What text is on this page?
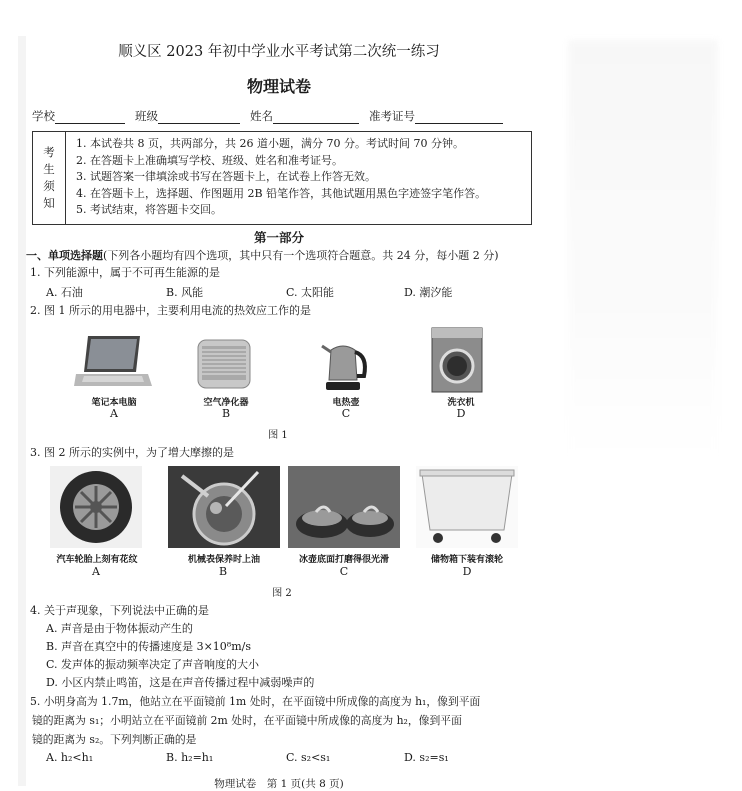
顺义区 2023 年初中学业水平考试第二次统一练习
物理试卷
学校	班级	姓名	准考证号
考
生
须
知
1. 本试卷共 8 页，共两部分，共 26 道小题，满分 70 分。考试时间 70 分钟。
2. 在答题卡上准确填写学校、班级、姓名和准考证号。
3. 试题答案一律填涂或书写在答题卡上，在试卷上作答无效。
4. 在答题卡上，选择题、作图题用 2B 铅笔作答，其他试题用黑色字迹签字笔作答。
5. 考试结束，将答题卡交回。
第一部分
一、单项选择题(下列各小题均有四个选项，其中只有一个选项符合题意。共 24 分，每小题 2 分)
1. 下列能源中，属于不可再生能源的是
A. 石油	B. 风能	C. 太阳能	D. 潮汐能
2. 图 1 所示的用电器中，主要利用电流的热效应工作的是
笔记本电脑	空气净化器	电热壶	洗衣机
A	B	C	D
图 1
3. 图 2 所示的实例中，为了增大摩擦的是
汽车轮胎上刻有花纹	机械表保养时上油	冰壶底面打磨得很光滑	储物箱下装有滚轮
A	B	C	D
图 2
4. 关于声现象，下列说法中正确的是
A. 声音是由于物体振动产生的
B. 声音在真空中的传播速度是 3×10⁸m/s
C. 发声体的振动频率决定了声音响度的大小
D. 小区内禁止鸣笛，这是在声音传播过程中减弱噪声的
5. 小明身高为 1.7m，他站立在平面镜前 1m 处时，在平面镜中所成像的高度为 h₁，像到平面
镜的距离为 s₁；小明站立在平面镜前 2m 处时，在平面镜中所成像的高度为 h₂，像到平面
镜的距离为 s₂。下列判断正确的是
A. h₂<h₁	B. h₂=h₁	C. s₂<s₁	D. s₂=s₁
物理试卷　第 1 页(共 8 页)
